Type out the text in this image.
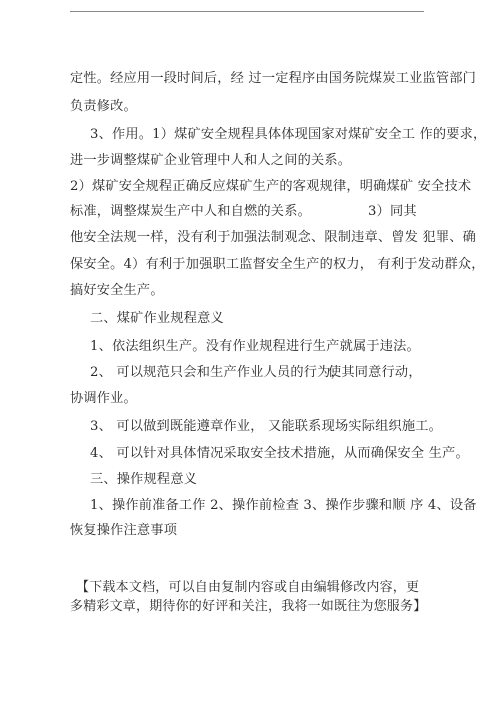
定性。经应用一段时间后，经 过一定程序由国务院煤炭工业监管部门
负责修改。
3、作用。1）煤矿安全规程具体体现国家对煤矿安全工 作的要求，
进一步调整煤矿企业管理中人和人之间的关系。
2）煤矿安全规程正确反应煤矿生产的客观规律，明确煤矿 安全技术
标准，调整煤炭生产中人和自燃的关系。	3）同其
他安全法规一样，没有利于加强法制观念、限制违章、曾发 犯罪、确
保安全。4）有利于加强职工监督安全生产的权力， 有利于发动群众，
搞好安全生产。
二、煤矿作业规程意义
1、依法组织生产。没有作业规程进行生产就属于违法。
2、 可以规范只会和生产作业人员的行为，
使其同意行动，
协调作业。
3、 可以做到既能遵章作业， 又能联系现场实际组织施工。
4、 可以针对具体情况采取安全技术措施，从而确保安全 生产。
三、操作规程意义
1、操作前准备工作 2、操作前检查 3、操作步骤和顺 序 4、设备
恢复操作注意事项
【下载本文档，可以自由复制内容或自由编辑修改内容，更
多精彩文章，期待你的好评和关注，我将一如既往为您服务】
